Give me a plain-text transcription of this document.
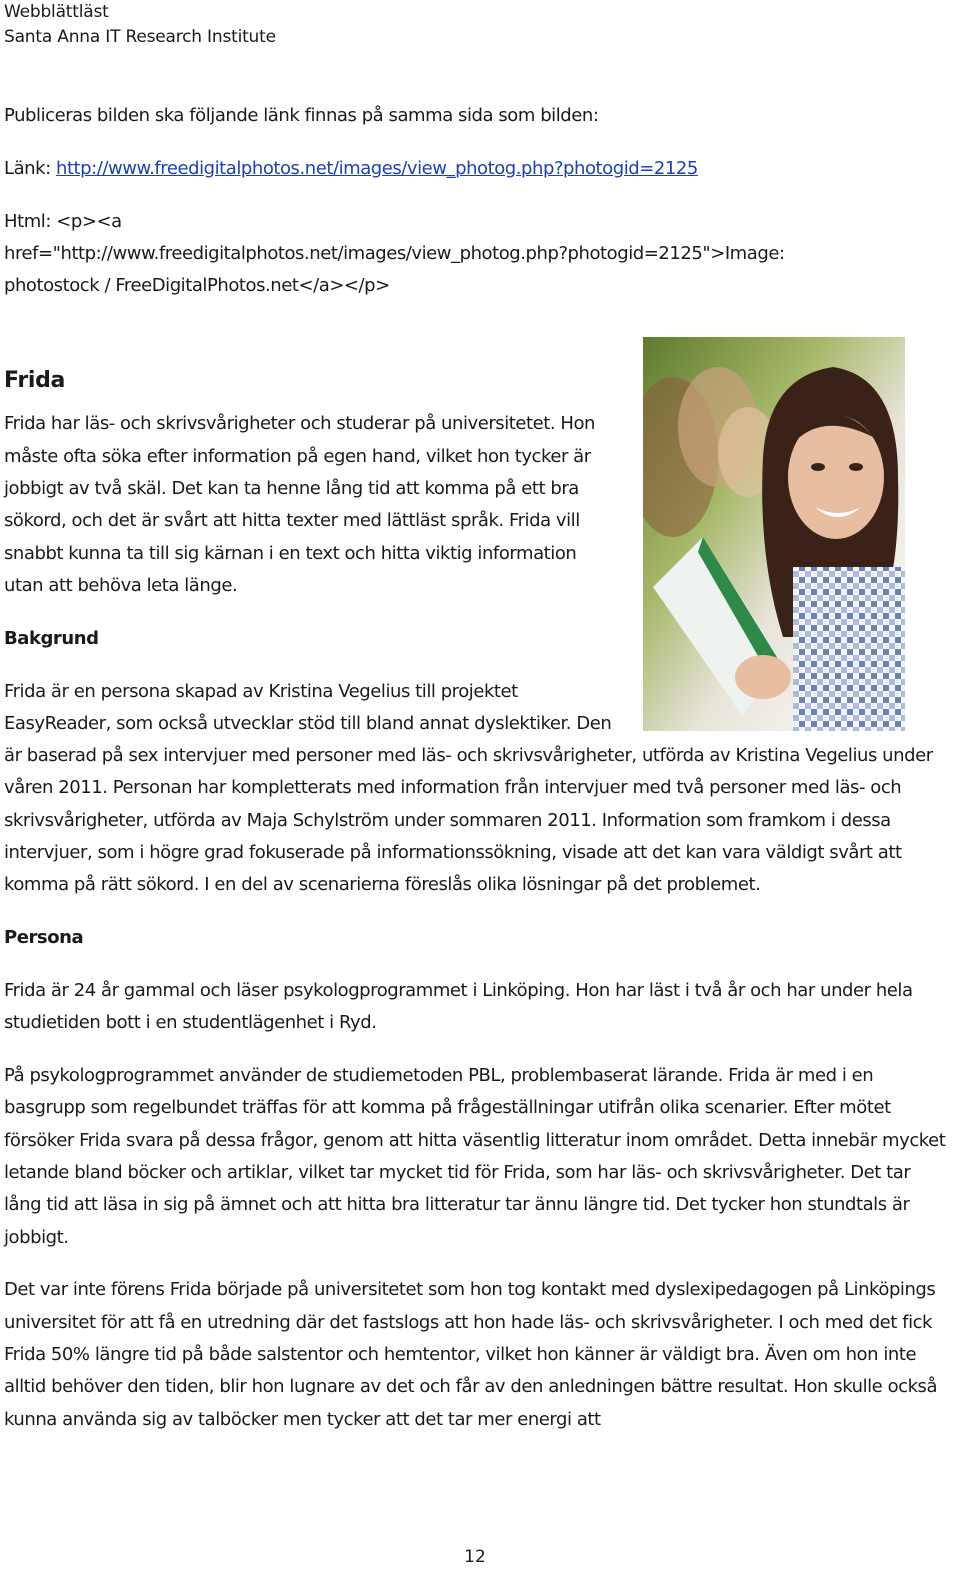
Webblättläst
Santa Anna IT Research Institute

Publiceras bilden ska följande länk finnas på samma sida som bilden:

Länk: http://www.freedigitalphotos.net/images/view_photog.php?photogid=2125

Html: <p><a
href="http://www.freedigitalphotos.net/images/view_photog.php?photogid=2125">Image:
photostock / FreeDigitalPhotos.net</a></p>

Frida

Frida har läs- och skrivsvårigheter och studerar på universitetet. Hon måste ofta söka efter information på egen hand, vilket hon tycker är jobbigt av två skäl. Det kan ta henne lång tid att komma på ett bra sökord, och det är svårt att hitta texter med lättläst språk. Frida vill snabbt kunna ta till sig kärnan i en text och hitta viktig information utan att behöva leta länge.

Bakgrund

Frida är en persona skapad av Kristina Vegelius till projektet EasyReader, som också utvecklar stöd till bland annat dyslektiker. Den är baserad på sex intervjuer med personer med läs- och skrivsvårigheter, utförda av Kristina Vegelius under våren 2011. Personan har kompletterats med information från intervjuer med två personer med läs- och skrivsvårigheter, utförda av Maja Schylström under sommaren 2011. Information som framkom i dessa intervjuer, som i högre grad fokuserade på informationssökning, visade att det kan vara väldigt svårt att komma på rätt sökord. I en del av scenarierna föreslås olika lösningar på det problemet.

Persona

Frida är 24 år gammal och läser psykologprogrammet i Linköping. Hon har läst i två år och har under hela studietiden bott i en studentlägenhet i Ryd.

På psykologprogrammet använder de studiemetoden PBL, problembaserat lärande. Frida är med i en basgrupp som regelbundet träffas för att komma på frågeställningar utifrån olika scenarier. Efter mötet försöker Frida svara på dessa frågor, genom att hitta väsentlig litteratur inom området. Detta innebär mycket letande bland böcker och artiklar, vilket tar mycket tid för Frida, som har läs- och skrivsvårigheter. Det tar lång tid att läsa in sig på ämnet och att hitta bra litteratur tar ännu längre tid. Det tycker hon stundtals är jobbigt.

Det var inte förens Frida började på universitetet som hon tog kontakt med dyslexipedagogen på Linköpings universitet för att få en utredning där det fastslogs att hon hade läs- och skrivsvårigheter. I och med det fick Frida 50% längre tid på både salstentor och hemtentor, vilket hon känner är väldigt bra. Även om hon inte alltid behöver den tiden, blir hon lugnare av det och får av den anledningen bättre resultat. Hon skulle också kunna använda sig av talböcker men tycker att det tar mer energi att

12
